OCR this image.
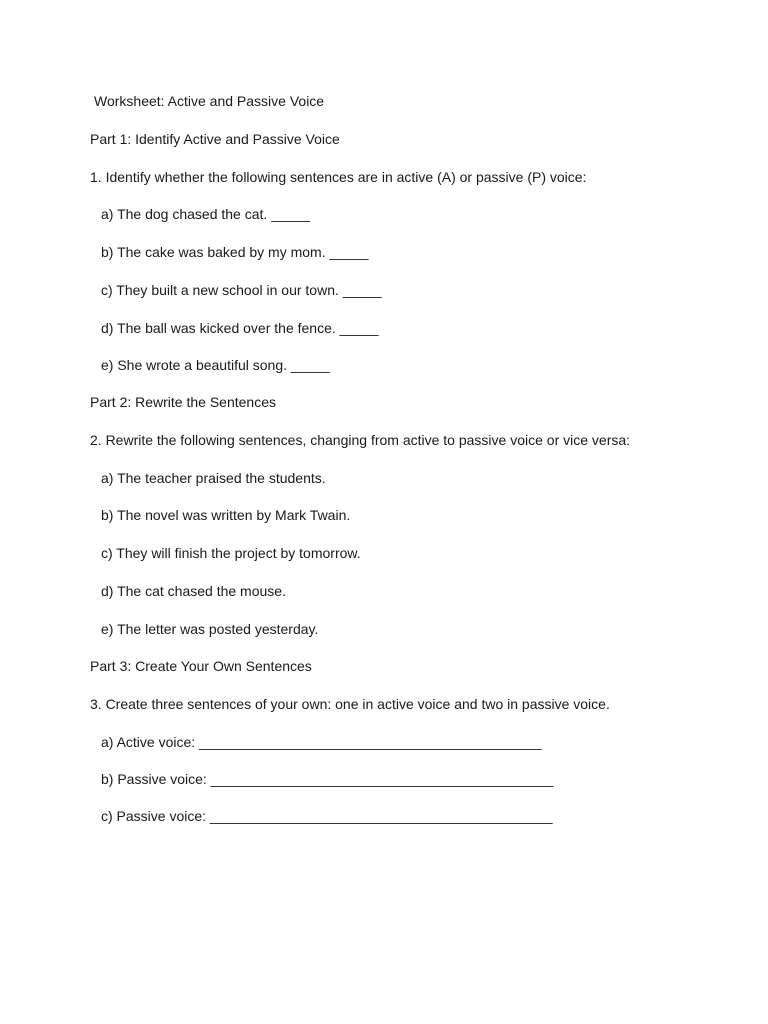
Worksheet: Active and Passive Voice
Part 1: Identify Active and Passive Voice
1. Identify whether the following sentences are in active (A) or passive (P) voice:
a) The dog chased the cat. _____
b) The cake was baked by my mom. _____
c) They built a new school in our town. _____
d) The ball was kicked over the fence. _____
e) She wrote a beautiful song. _____
Part 2: Rewrite the Sentences
2. Rewrite the following sentences, changing from active to passive voice or vice versa:
a) The teacher praised the students.
b) The novel was written by Mark Twain.
c) They will finish the project by tomorrow.
d) The cat chased the mouse.
e) The letter was posted yesterday.
Part 3: Create Your Own Sentences
3. Create three sentences of your own: one in active voice and two in passive voice.
a) Active voice: ____________________________________________
b) Passive voice: ____________________________________________
c) Passive voice: ____________________________________________
